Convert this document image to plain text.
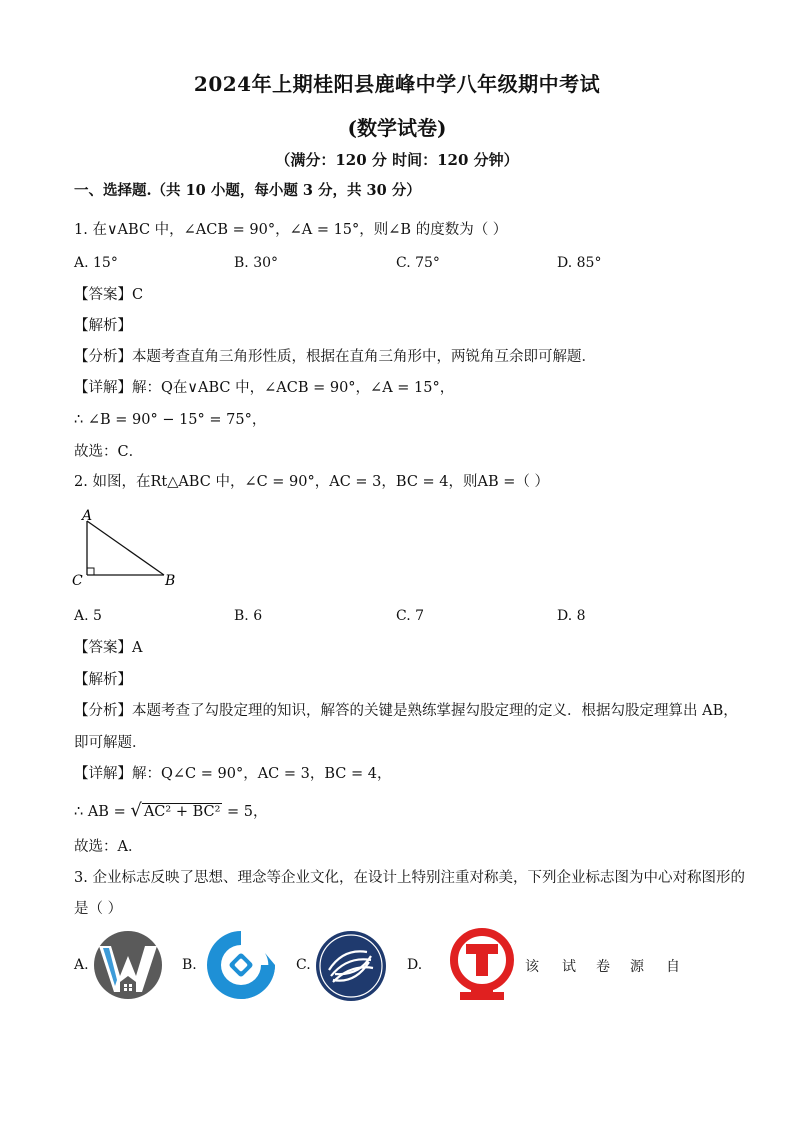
2024年上期桂阳县鹿峰中学八年级期中考试
(数学试卷)
（满分：120 分 时间：120 分钟）
一、选择题.（共 10 小题，每小题 3 分，共 30 分）
1. 在∨ABC 中，∠ACB = 90°，∠A = 15°，则∠B 的度数为（ ）
A. 15°	B. 30°	C. 75°	D. 85°
【答案】C
【解析】
【分析】本题考查直角三角形性质，根据在直角三角形中，两锐角互余即可解题．
【详解】解：Q在∨ABC 中，∠ACB = 90°，∠A = 15°，
∴ ∠B = 90° − 15° = 75°，
故选：C．
2. 如图，在Rt△ABC 中，∠C = 90°，AC = 3，BC = 4，则AB =（ ）
A
C	B
A. 5	B. 6	C. 7	D. 8
【答案】A
【解析】
【分析】本题考查了勾股定理的知识，解答的关键是熟练掌握勾股定理的定义．根据勾股定理算出 AB，
即可解题．
【详解】解：Q∠C = 90°，AC = 3，BC = 4，
∴ AB = √ AC² + BC² = 5，
故选：A．
3. 企业标志反映了思想、理念等企业文化，在设计上特别注重对称美，下列企业标志图为中心对称图形的
是（ ）
A.	B.	C.	D.	该 试 卷 源 自
